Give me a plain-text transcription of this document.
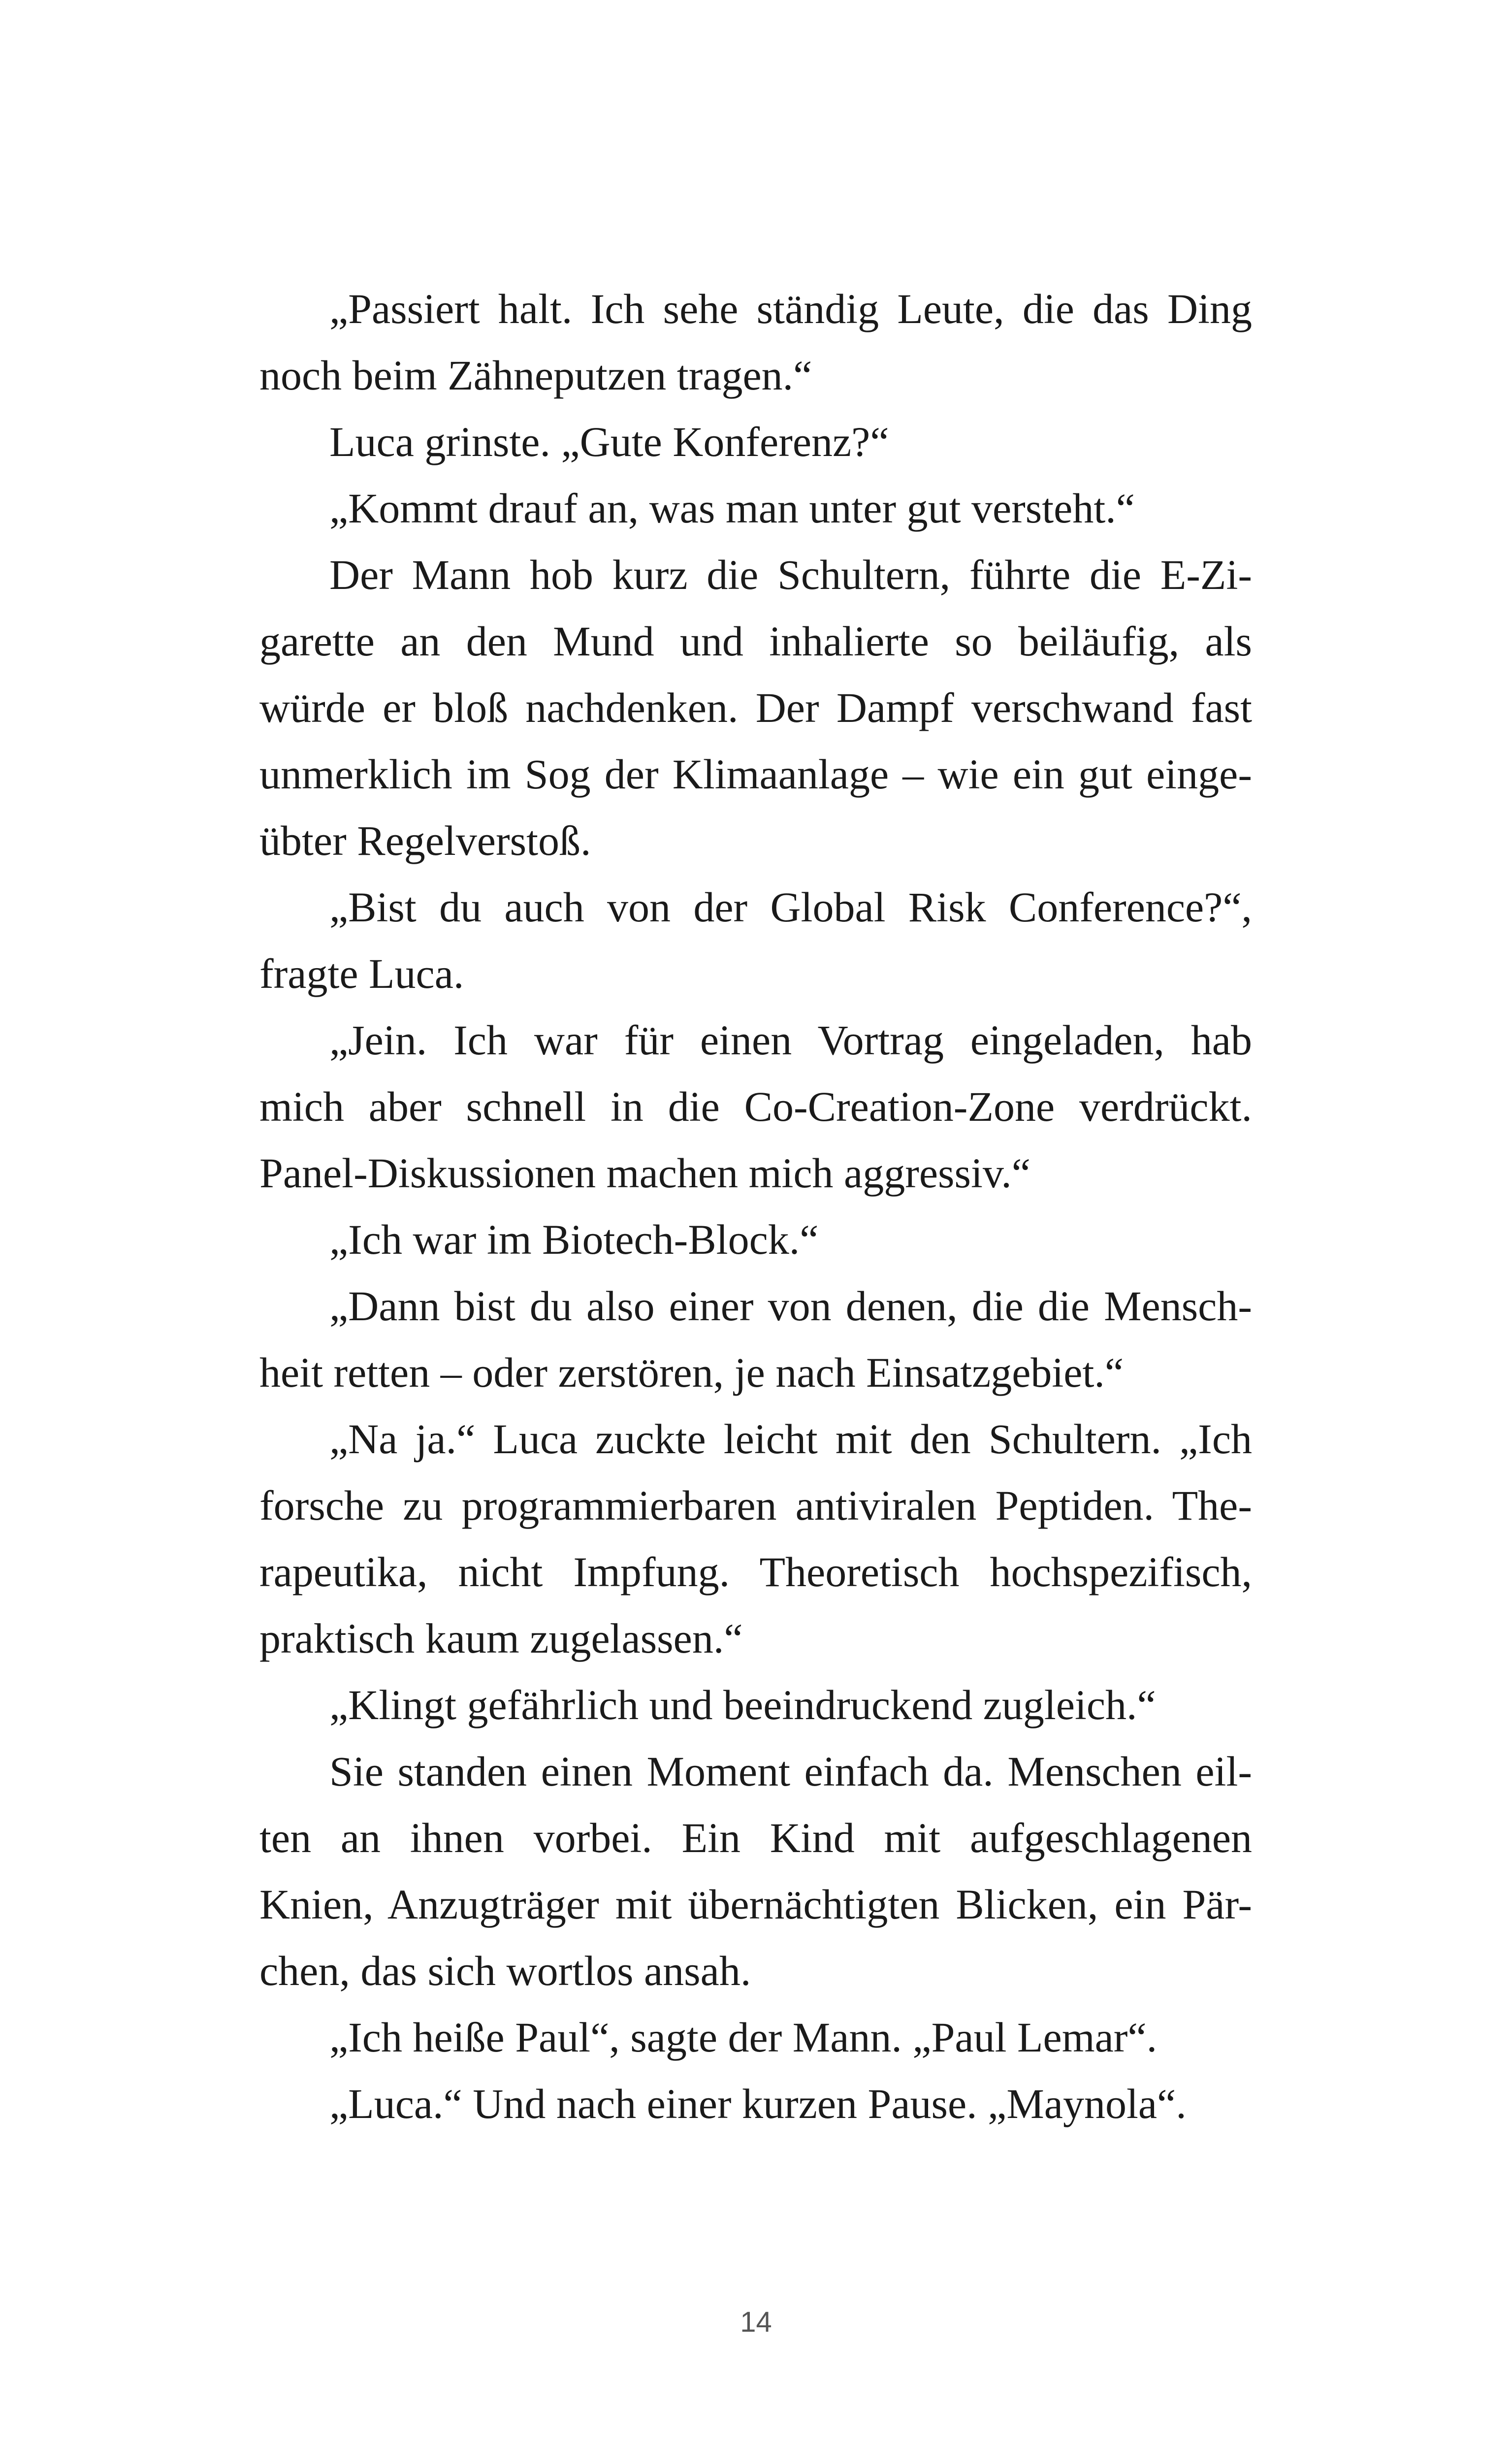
„Passiert halt. Ich sehe ständig Leute, die das Ding
noch beim Zähneputzen tragen.“
Luca grinste. „Gute Konferenz?“
„Kommt drauf an, was man unter gut versteht.“
Der Mann hob kurz die Schultern, führte die E-Zi-
garette an den Mund und inhalierte so beiläufig, als
würde er bloß nachdenken. Der Dampf verschwand fast
unmerklich im Sog der Klimaanlage – wie ein gut einge-
übter Regelverstoß.
„Bist du auch von der Global Risk Conference?“,
fragte Luca.
„Jein. Ich war für einen Vortrag eingeladen, hab
mich aber schnell in die Co-Creation-Zone verdrückt.
Panel-Diskussionen machen mich aggressiv.“
„Ich war im Biotech-Block.“
„Dann bist du also einer von denen, die die Mensch-
heit retten – oder zerstören, je nach Einsatzgebiet.“
„Na ja.“ Luca zuckte leicht mit den Schultern. „Ich
forsche zu programmierbaren antiviralen Peptiden. The-
rapeutika, nicht Impfung. Theoretisch hochspezifisch,
praktisch kaum zugelassen.“
„Klingt gefährlich und beeindruckend zugleich.“
Sie standen einen Moment einfach da. Menschen eil-
ten an ihnen vorbei. Ein Kind mit aufgeschlagenen
Knien, Anzugträger mit übernächtigten Blicken, ein Pär-
chen, das sich wortlos ansah.
„Ich heiße Paul“, sagte der Mann. „Paul Lemar“.
„Luca.“ Und nach einer kurzen Pause. „Maynola“.
14
